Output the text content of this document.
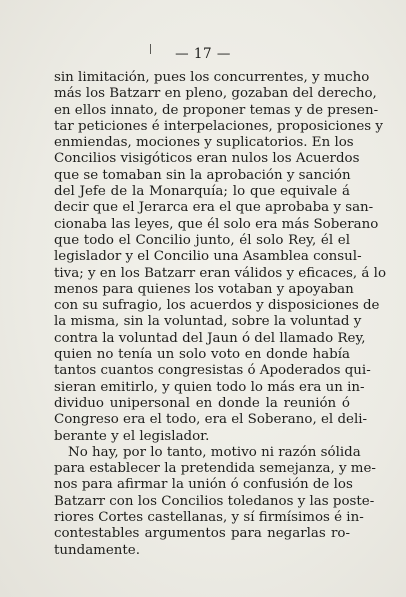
— 17 —
sin limitación, pues los concurrentes, y mucho
más los Batzarr en pleno, gozaban del derecho,
en ellos innato, de proponer temas y de presen-
tar peticiones é interpelaciones, proposiciones y
enmiendas, mociones y suplicatorios. En los
Concilios visigóticos eran nulos los Acuerdos
que se tomaban sin la aprobación y sanción
del Jefe de la Monarquía; lo que equivale á
decir que el Jerarca era el que aprobaba y san-
cionaba las leyes, que él solo era más Soberano
que todo el Concilio junto, él solo Rey, él el
legislador y el Concilio una Asamblea consul-
tiva; y en los Batzarr eran válidos y eficaces, á lo
menos para quienes los votaban y apoyaban
con su sufragio, los acuerdos y disposiciones de
la misma, sin la voluntad, sobre la voluntad y
contra la voluntad del Jaun ó del llamado Rey,
quien no tenía un solo voto en donde había
tantos cuantos congresistas ó Apoderados qui-
sieran emitirlo, y quien todo lo más era un in-
dividuo unipersonal en donde la reunión ó
Congreso era el todo, era el Soberano, el deli-
berante y el legislador.
No hay, por lo tanto, motivo ni razón sólida
para establecer la pretendida semejanza, y me-
nos para afirmar la unión ó confusión de los
Batzarr con los Concilios toledanos y las poste-
riores Cortes castellanas, y sí firmísimos é in-
contestables argumentos para negarlas ro-
tundamente.
